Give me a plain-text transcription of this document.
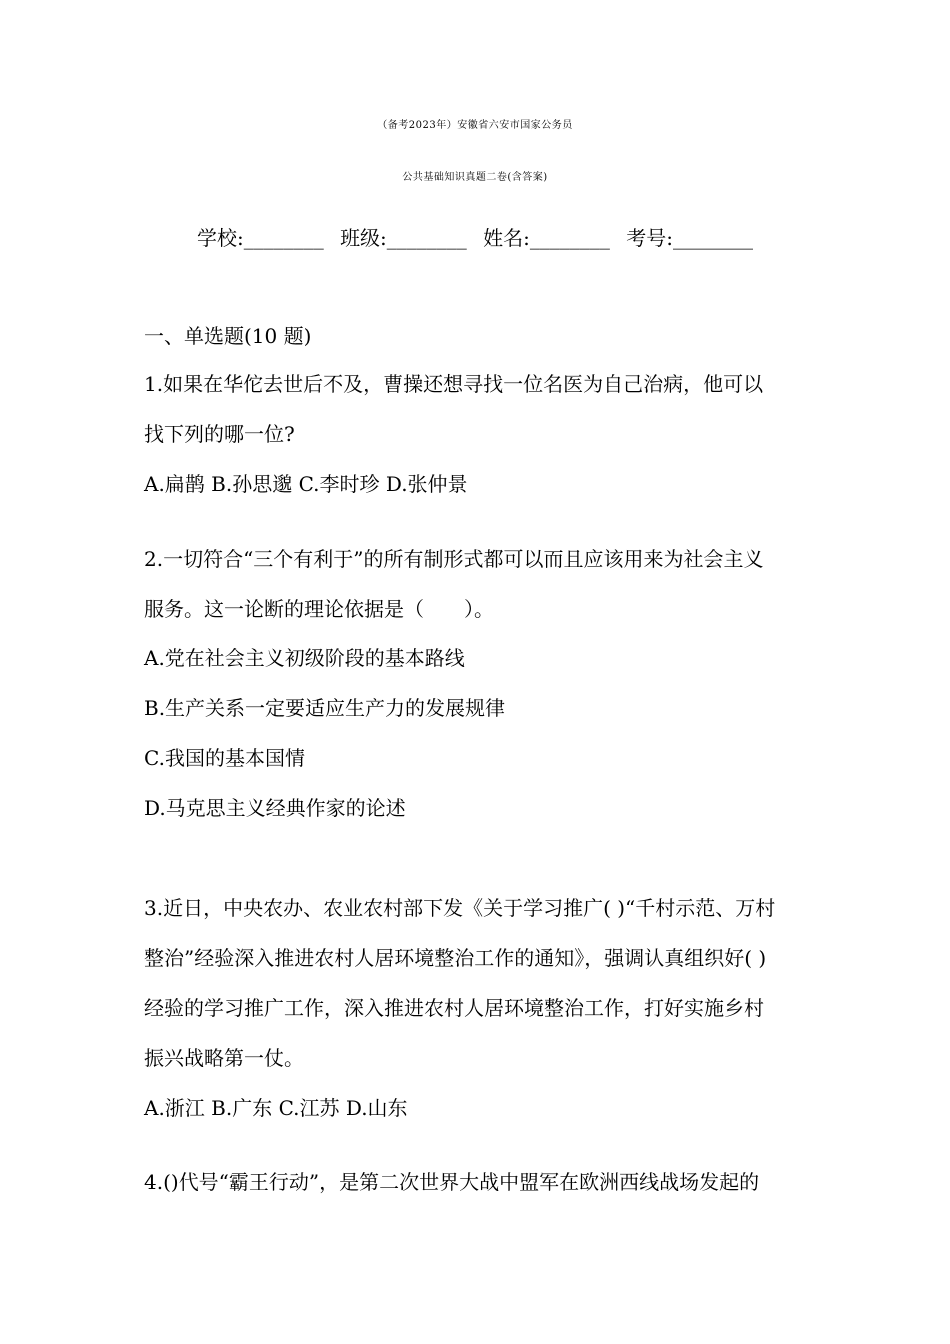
（备考2023年）安徽省六安市国家公务员
公共基础知识真题二卷(含答案)
学校:________ 班级:________ 姓名:________ 考号:________
一、单选题(10 题)
1.如果在华佗去世后不及，曹操还想寻找一位名医为自己治病，他可以
找下列的哪一位?
A.扁鹊 B.孙思邈 C.李时珍 D.张仲景
2.一切符合“三个有利于”的所有制形式都可以而且应该用来为社会主义
服务。这一论断的理论依据是（　　）。
A.党在社会主义初级阶段的基本路线
B.生产关系一定要适应生产力的发展规律
C.我国的基本国情
D.马克思主义经典作家的论述
3.近日，中央农办、农业农村部下发《关于学习推广( )“千村示范、万村
整治”经验深入推进农村人居环境整治工作的通知》，强调认真组织好( )
经验的学习推广工作，深入推进农村人居环境整治工作，打好实施乡村
振兴战略第一仗。
A.浙江 B.广东 C.江苏 D.山东
4.()代号“霸王行动”，是第二次世界大战中盟军在欧洲西线战场发起的
